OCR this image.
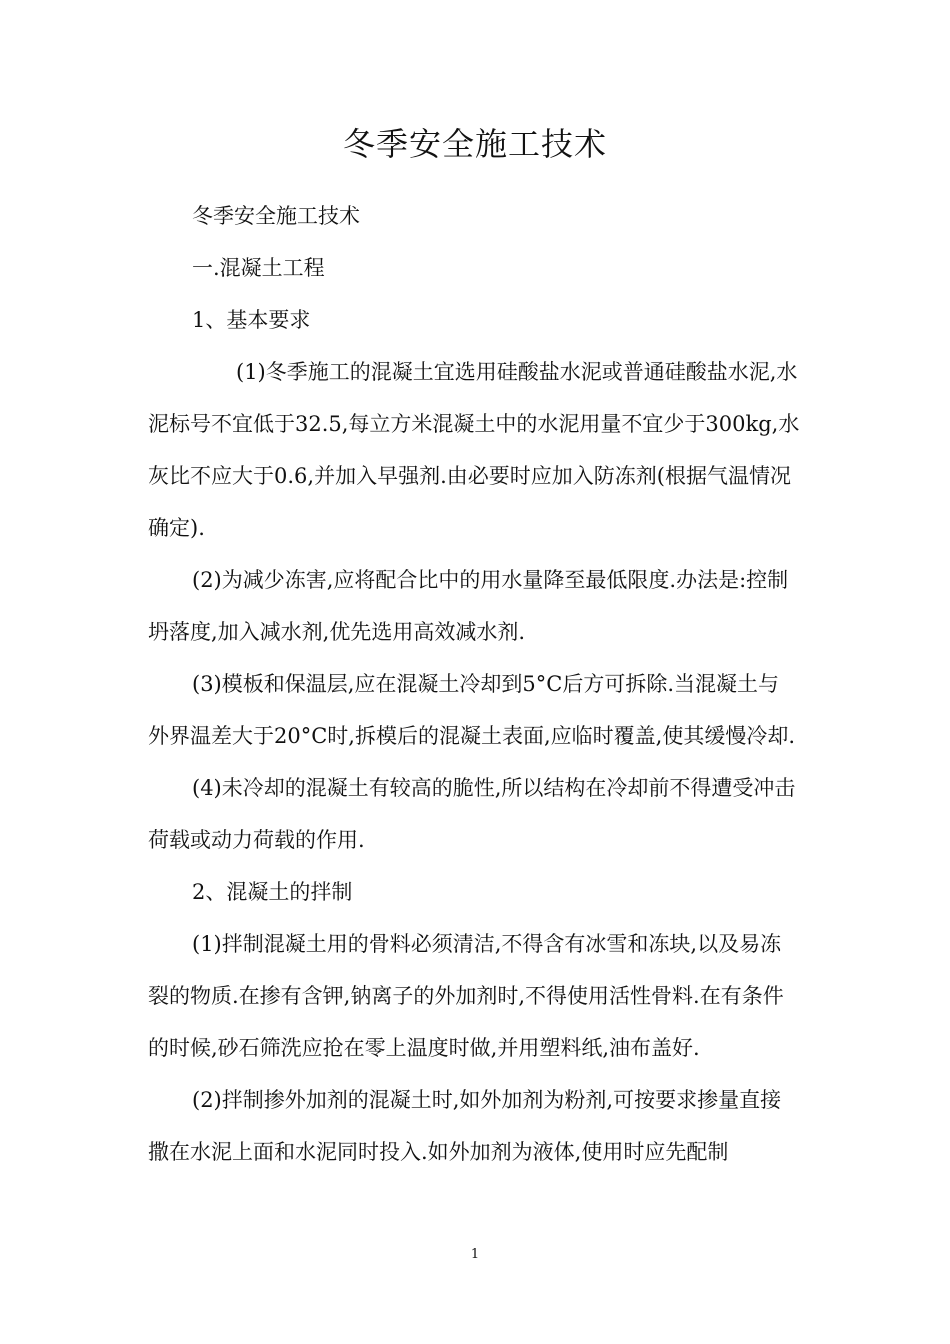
冬季安全施工技术

冬季安全施工技术

一.混凝土工程

1、基本要求

(1)冬季施工的混凝土宜选用硅酸盐水泥或普通硅酸盐水泥,水泥标号不宜低于32.5,每立方米混凝土中的水泥用量不宜少于300kg,水灰比不应大于0.6,并加入早强剂.由必要时应加入防冻剂(根据气温情况确定).

(2)为减少冻害,应将配合比中的用水量降至最低限度.办法是:控制坍落度,加入减水剂,优先选用高效减水剂.

(3)模板和保温层,应在混凝土冷却到5°C后方可拆除.当混凝土与外界温差大于20°C时,拆模后的混凝土表面,应临时覆盖,使其缓慢冷却.

(4)未冷却的混凝土有较高的脆性,所以结构在冷却前不得遭受冲击荷载或动力荷载的作用.

2、混凝土的拌制

(1)拌制混凝土用的骨料必须清洁,不得含有冰雪和冻块,以及易冻裂的物质.在掺有含钾,钠离子的外加剂时,不得使用活性骨料.在有条件的时候,砂石筛洗应抢在零上温度时做,并用塑料纸,油布盖好.

(2)拌制掺外加剂的混凝土时,如外加剂为粉剂,可按要求掺量直接撒在水泥上面和水泥同时投入.如外加剂为液体,使用时应先配制

1
